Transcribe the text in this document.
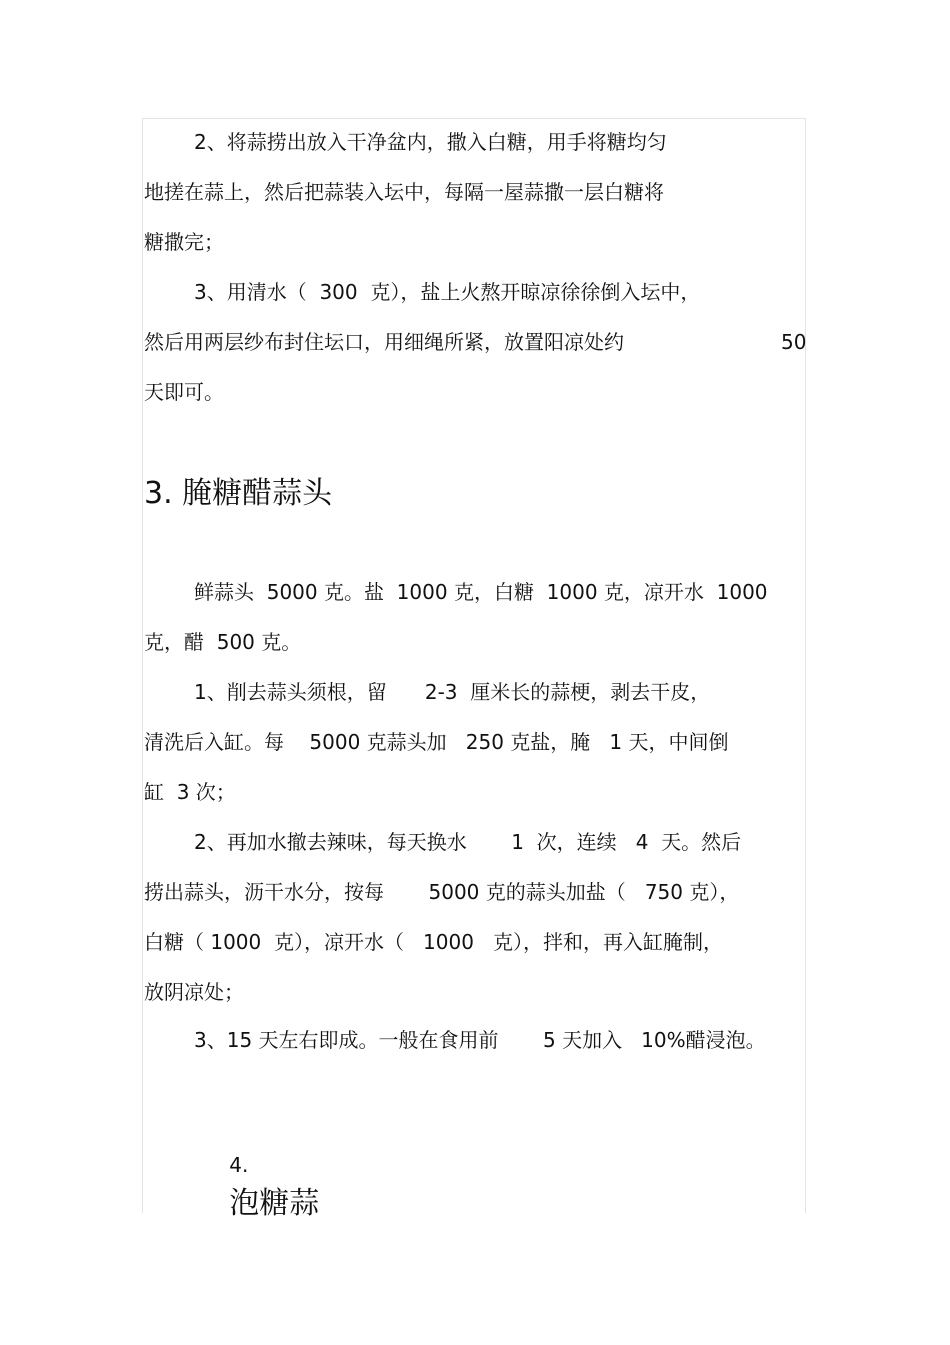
2、将蒜捞出放入干净盆内，撒入白糖，用手将糖均匀

地搓在蒜上，然后把蒜装入坛中，每隔一屋蒜撒一层白糖将

糖撒完；

3、用清水（  300  克），盐上火熬开晾凉徐徐倒入坛中，

然后用两层纱布封住坛口，用细绳所紧，放置阳凉处约	50

天即可。

3. 腌糖醋蒜头

鲜蒜头  5000 克。盐  1000 克，白糖  1000 克，凉开水  1000

克，醋  500 克。

1、削去蒜头须根，留      2-3  厘米长的蒜梗，剥去干皮，

清洗后入缸。每    5000 克蒜头加   250 克盐，腌   1 天，中间倒

缸  3 次；

2、再加水撤去辣味，每天换水       1  次，连续   4  天。然后

捞出蒜头，沥干水分，按每       5000 克的蒜头加盐（   750 克），

白糖（ 1000  克），凉开水（   1000   克），拌和，再入缸腌制，

放阴凉处；

3、15 天左右即成。一般在食用前       5 天加入   10%醋浸泡。

4.
泡糖蒜
